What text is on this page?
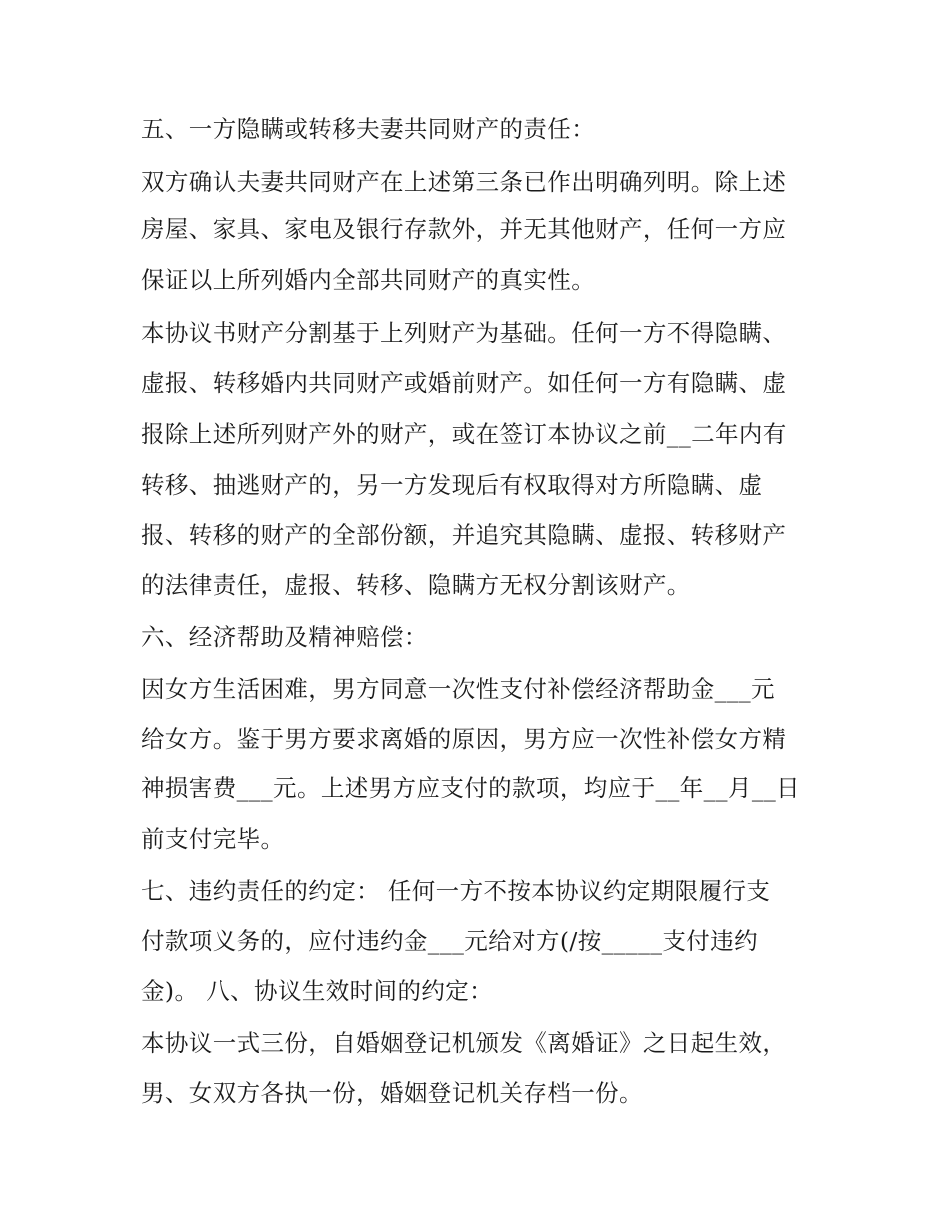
五、一方隐瞒或转移夫妻共同财产的责任：
双方确认夫妻共同财产在上述第三条已作出明确列明。除上述
房屋、家具、家电及银行存款外，并无其他财产，任何一方应
保证以上所列婚内全部共同财产的真实性。
本协议书财产分割基于上列财产为基础。任何一方不得隐瞒、
虚报、转移婚内共同财产或婚前财产。如任何一方有隐瞒、虚
报除上述所列财产外的财产，或在签订本协议之前__二年内有
转移、抽逃财产的，另一方发现后有权取得对方所隐瞒、虚
报、转移的财产的全部份额，并追究其隐瞒、虚报、转移财产
的法律责任，虚报、转移、隐瞒方无权分割该财产。
六、经济帮助及精神赔偿：
因女方生活困难，男方同意一次性支付补偿经济帮助金___元
给女方。鉴于男方要求离婚的原因，男方应一次性补偿女方精
神损害费___元。上述男方应支付的款项，均应于__年__月__日
前支付完毕。
七、违约责任的约定： 任何一方不按本协议约定期限履行支
付款项义务的，应付违约金___元给对方(/按_____支付违约
金)。 八、协议生效时间的约定：
本协议一式三份，自婚姻登记机颁发《离婚证》之日起生效，
男、女双方各执一份，婚姻登记机关存档一份。
